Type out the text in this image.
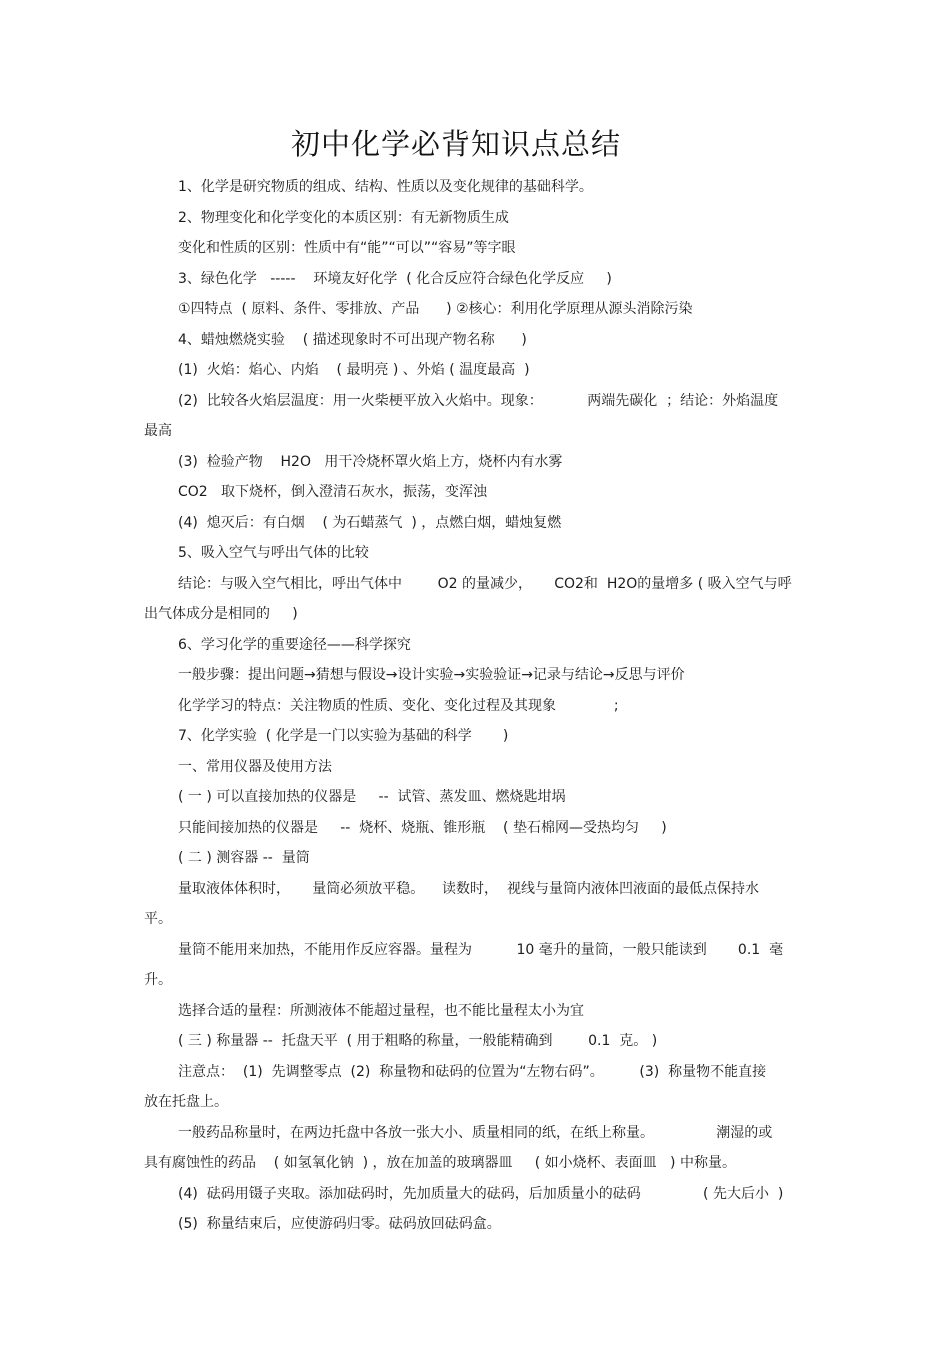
初中化学必背知识点总结
1、化学是研究物质的组成、结构、性质以及变化规律的基础科学。
2、物理变化和化学变化的本质区别：有无新物质生成
变化和性质的区别：性质中有“能”“可以”“容易”等字眼
3、绿色化学   -----    环境友好化学  ( 化合反应符合绿色化学反应     )
①四特点  ( 原料、条件、零排放、产品      ) ②核心：利用化学原理从源头消除污染
4、蜡烛燃烧实验    ( 描述现象时不可出现产物名称      )
(1)  火焰：焰心、内焰    ( 最明亮 ) 、外焰 ( 温度最高  )
(2)  比较各火焰层温度：用一火柴梗平放入火焰中。现象：          两端先碳化  ；结论：外焰温度
最高
(3)  检验产物    H2O   用干冷烧杯罩火焰上方，烧杯内有水雾
CO2   取下烧杯，倒入澄清石灰水，振荡，变浑浊
(4)  熄灭后：有白烟    ( 为石蜡蒸气  ) ，点燃白烟，蜡烛复燃
5、吸入空气与呼出气体的比较
结论：与吸入空气相比，呼出气体中        O2 的量减少，     CO2和  H2O的量增多 ( 吸入空气与呼
出气体成分是相同的     )
6、学习化学的重要途径——科学探究
一般步骤：提出问题→猜想与假设→设计实验→实验验证→记录与结论→反思与评价
化学学习的特点：关注物质的性质、变化、变化过程及其现象             ;
7、化学实验  ( 化学是一门以实验为基础的科学       )
一、常用仪器及使用方法
( 一 ) 可以直接加热的仪器是     --  试管、蒸发皿、燃烧匙坩埚
只能间接加热的仪器是     --  烧杯、烧瓶、锥形瓶    ( 垫石棉网—受热均匀     )
( 二 ) 测容器 --  量筒
量取液体体积时，     量筒必须放平稳。    读数时，  视线与量筒内液体凹液面的最低点保持水
平。
量筒不能用来加热，不能用作反应容器。量程为          10 毫升的量筒，一般只能读到       0.1  毫
升。
选择合适的量程：所测液体不能超过量程，也不能比量程太小为宜
( 三 ) 称量器 --  托盘天平  ( 用于粗略的称量，一般能精确到        0.1  克。 )
注意点：  (1)  先调整零点  (2)  称量物和砝码的位置为“左物右码”。        (3)  称量物不能直接
放在托盘上。
一般药品称量时，在两边托盘中各放一张大小、质量相同的纸，在纸上称量。              潮湿的或
具有腐蚀性的药品    ( 如氢氧化钠  ) ，放在加盖的玻璃器皿     ( 如小烧杯、表面皿   ) 中称量。
(4)  砝码用镊子夹取。添加砝码时，先加质量大的砝码，后加质量小的砝码              ( 先大后小  )
(5)  称量结束后，应使游码归零。砝码放回砝码盒。
